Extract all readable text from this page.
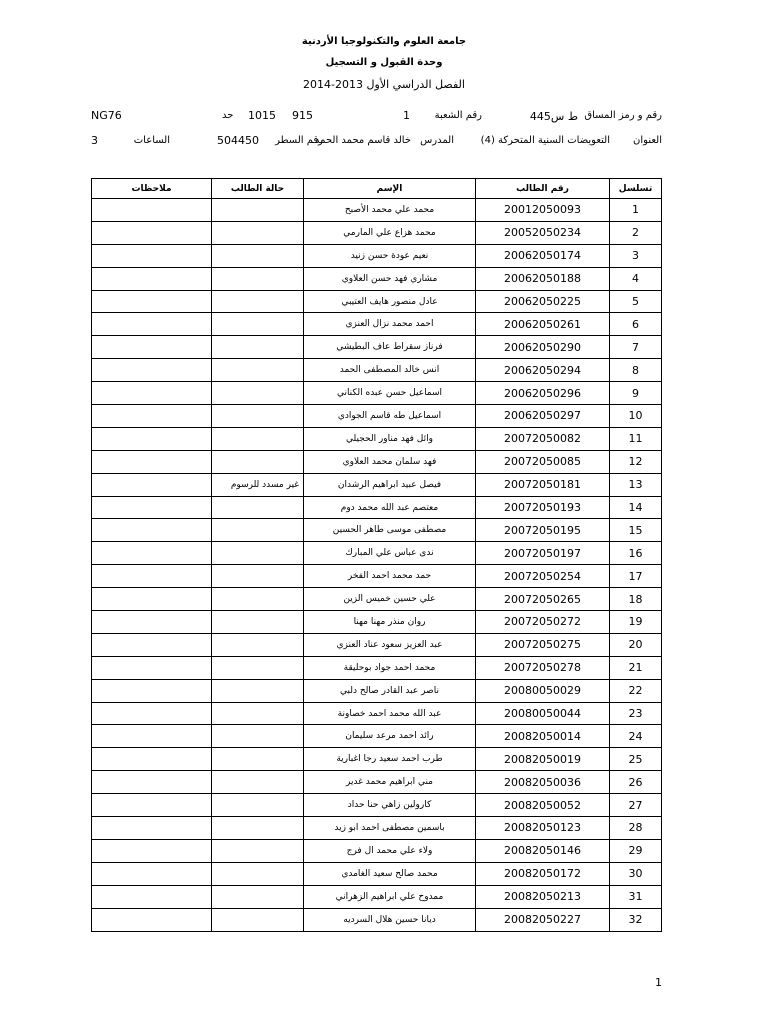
جامعة العلوم والتكنولوجيا الأردنية
وحدة القبول و التسجيل
الفصل الدراسي الأول 2013-2014
رقم و رمز المساق
ط س445
رقم الشعبة
1
915
1015
حد
NG76
العنوان
التعويضات السنية المتحركة (4)
المدرس
خالد قاسم محمد الحمد
رقم السطر
504450
الساعات
3
ملاحظات	حالة الطالب	الإسم	رقم الطالب	تسلسل
		محمد علي محمد الأصبح	20012050093	1
		محمد هزاع علي المارمي	20052050234	2
		نعيم عودة حسن زنيد	20062050174	3
		مشاري فهد حسن العلاوي	20062050188	4
		عادل منصور هايف العتيبي	20062050225	5
		احمد محمد نزال العنزي	20062050261	6
		فرناز سقراط عاف البطيشي	20062050290	7
		انس خالد المصطفى الحمد	20062050294	8
		اسماعيل حسن عبده الكناني	20062050296	9
		اسماعيل طه قاسم الجوادي	20062050297	10
		وائل فهد مناور الحجيلي	20072050082	11
		فهد سلمان محمد العلاوي	20072050085	12
	غير مسدد للرسوم	فيصل عبيد ابراهيم الرشدان	20072050181	13
		معتصم عبد الله محمد دوم	20072050193	14
		مصطفى موسى طاهر الحسين	20072050195	15
		ندى عباس علي المبارك	20072050197	16
		حمد محمد احمد الفخر	20072050254	17
		علي حسين خميس الزين	20072050265	18
		روان منذر مهنا مهنا	20072050272	19
		عبد العزيز سعود عناد العنزي	20072050275	20
		محمد احمد جواد بوحليقة	20072050278	21
		ناصر عبد القادر صالح دلبي	20080050029	22
		عبد الله محمد احمد خصاونة	20080050044	23
		رائد احمد مرعد سليمان	20082050014	24
		طرب احمد سعيد رجا اغبارية	20082050019	25
		مني ابراهيم محمد غدير	20082050036	26
		كارولين زاهي حنا حداد	20082050052	27
		باسمين مصطفى احمد ابو زيد	20082050123	28
		ولاء علي محمد ال فرج	20082050146	29
		محمد صالح سعيد الغامدي	20082050172	30
		ممدوح علي ابراهيم الزهراني	20082050213	31
		ديانا حسين هلال السرديه	20082050227	32
1
